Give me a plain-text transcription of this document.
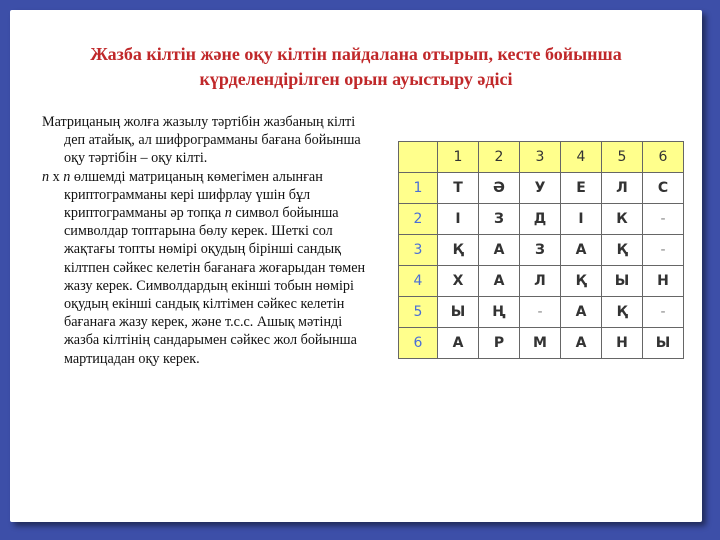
Жазба кілтін және оқу кілтін пайдалана отырып, кесте бойынша
күрделендірілген орын ауыстыру әдісі

Матрицаның жолға жазылу тәртібін жазбаның кілті деп атайық, ал шифрограмманы бағана бойынша оқу тәртібін – оқу кілті.

n х n өлшемді матрицаның көмегімен алынған криптограмманы кері шифрлау үшін бұл криптограмманы әр топқа n символ бойынша символдар топтарына бөлу керек. Шеткі сол жақтағы топты нөмірі оқудың бірінші сандық кілтпен сәйкес келетін бағанаға жоғарыдан төмен жазу керек. Символдардың екінші тобын нөмірі оқудың екінші сандық кілтімен сәйкес келетін бағанаға жазу керек, және т.с.с. Ашық мәтінді жазба кілтінің сандарымен сәйкес жол бойынша мартицадан оқу керек.

	1	2	3	4	5	6
1	Т	Ә	У	Е	Л	С
2	І	З	Д	І	К	-
3	Қ	А	З	А	Қ	-
4	Х	А	Л	Қ	Ы	Н
5	Ы	Ң	-	А	Қ	-
6	А	Р	М	А	Н	Ы
